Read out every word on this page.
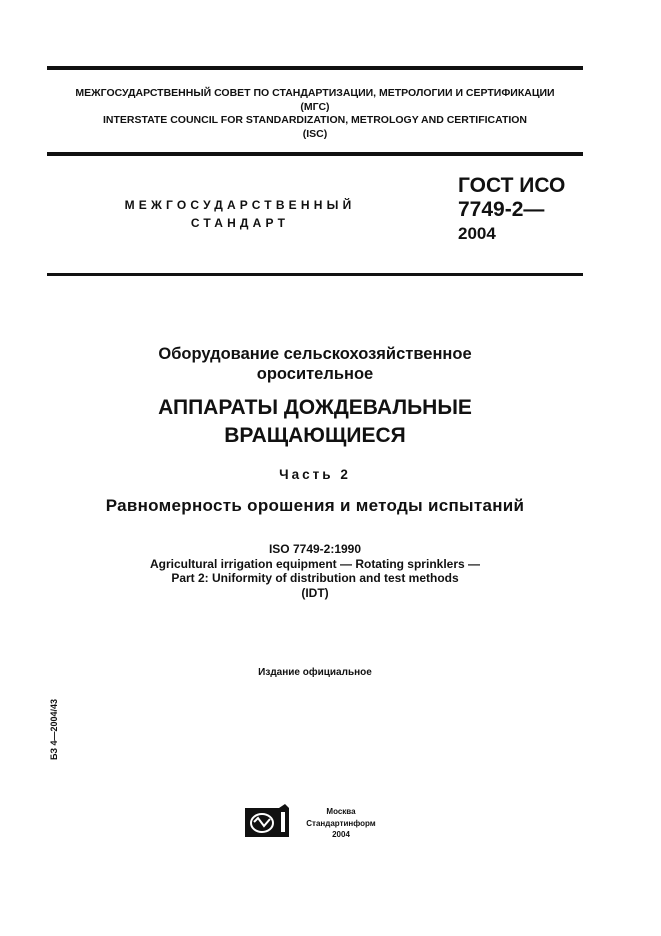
МЕЖГОСУДАРСТВЕННЫЙ СОВЕТ ПО СТАНДАРТИЗАЦИИ, МЕТРОЛОГИИ И СЕРТИФИКАЦИИ
(МГС)
INTERSTATE COUNCIL FOR STANDARDIZATION, METROLOGY AND CERTIFICATION
(ISC)
МЕЖГОСУДАРСТВЕННЫЙ
СТАНДАРТ
ГОСТ ИСО
7749-2—
2004
Оборудование сельскохозяйственное
оросительное
АППАРАТЫ ДОЖДЕВАЛЬНЫЕ
ВРАЩАЮЩИЕСЯ
Часть 2
Равномерность орошения и методы испытаний
ISO 7749-2:1990
Agricultural irrigation equipment — Rotating sprinklers —
Part 2: Uniformity of distribution and test methods
(IDT)
Издание официальное
БЗ 4—2004/43
Москва
Стандартинформ
2004
